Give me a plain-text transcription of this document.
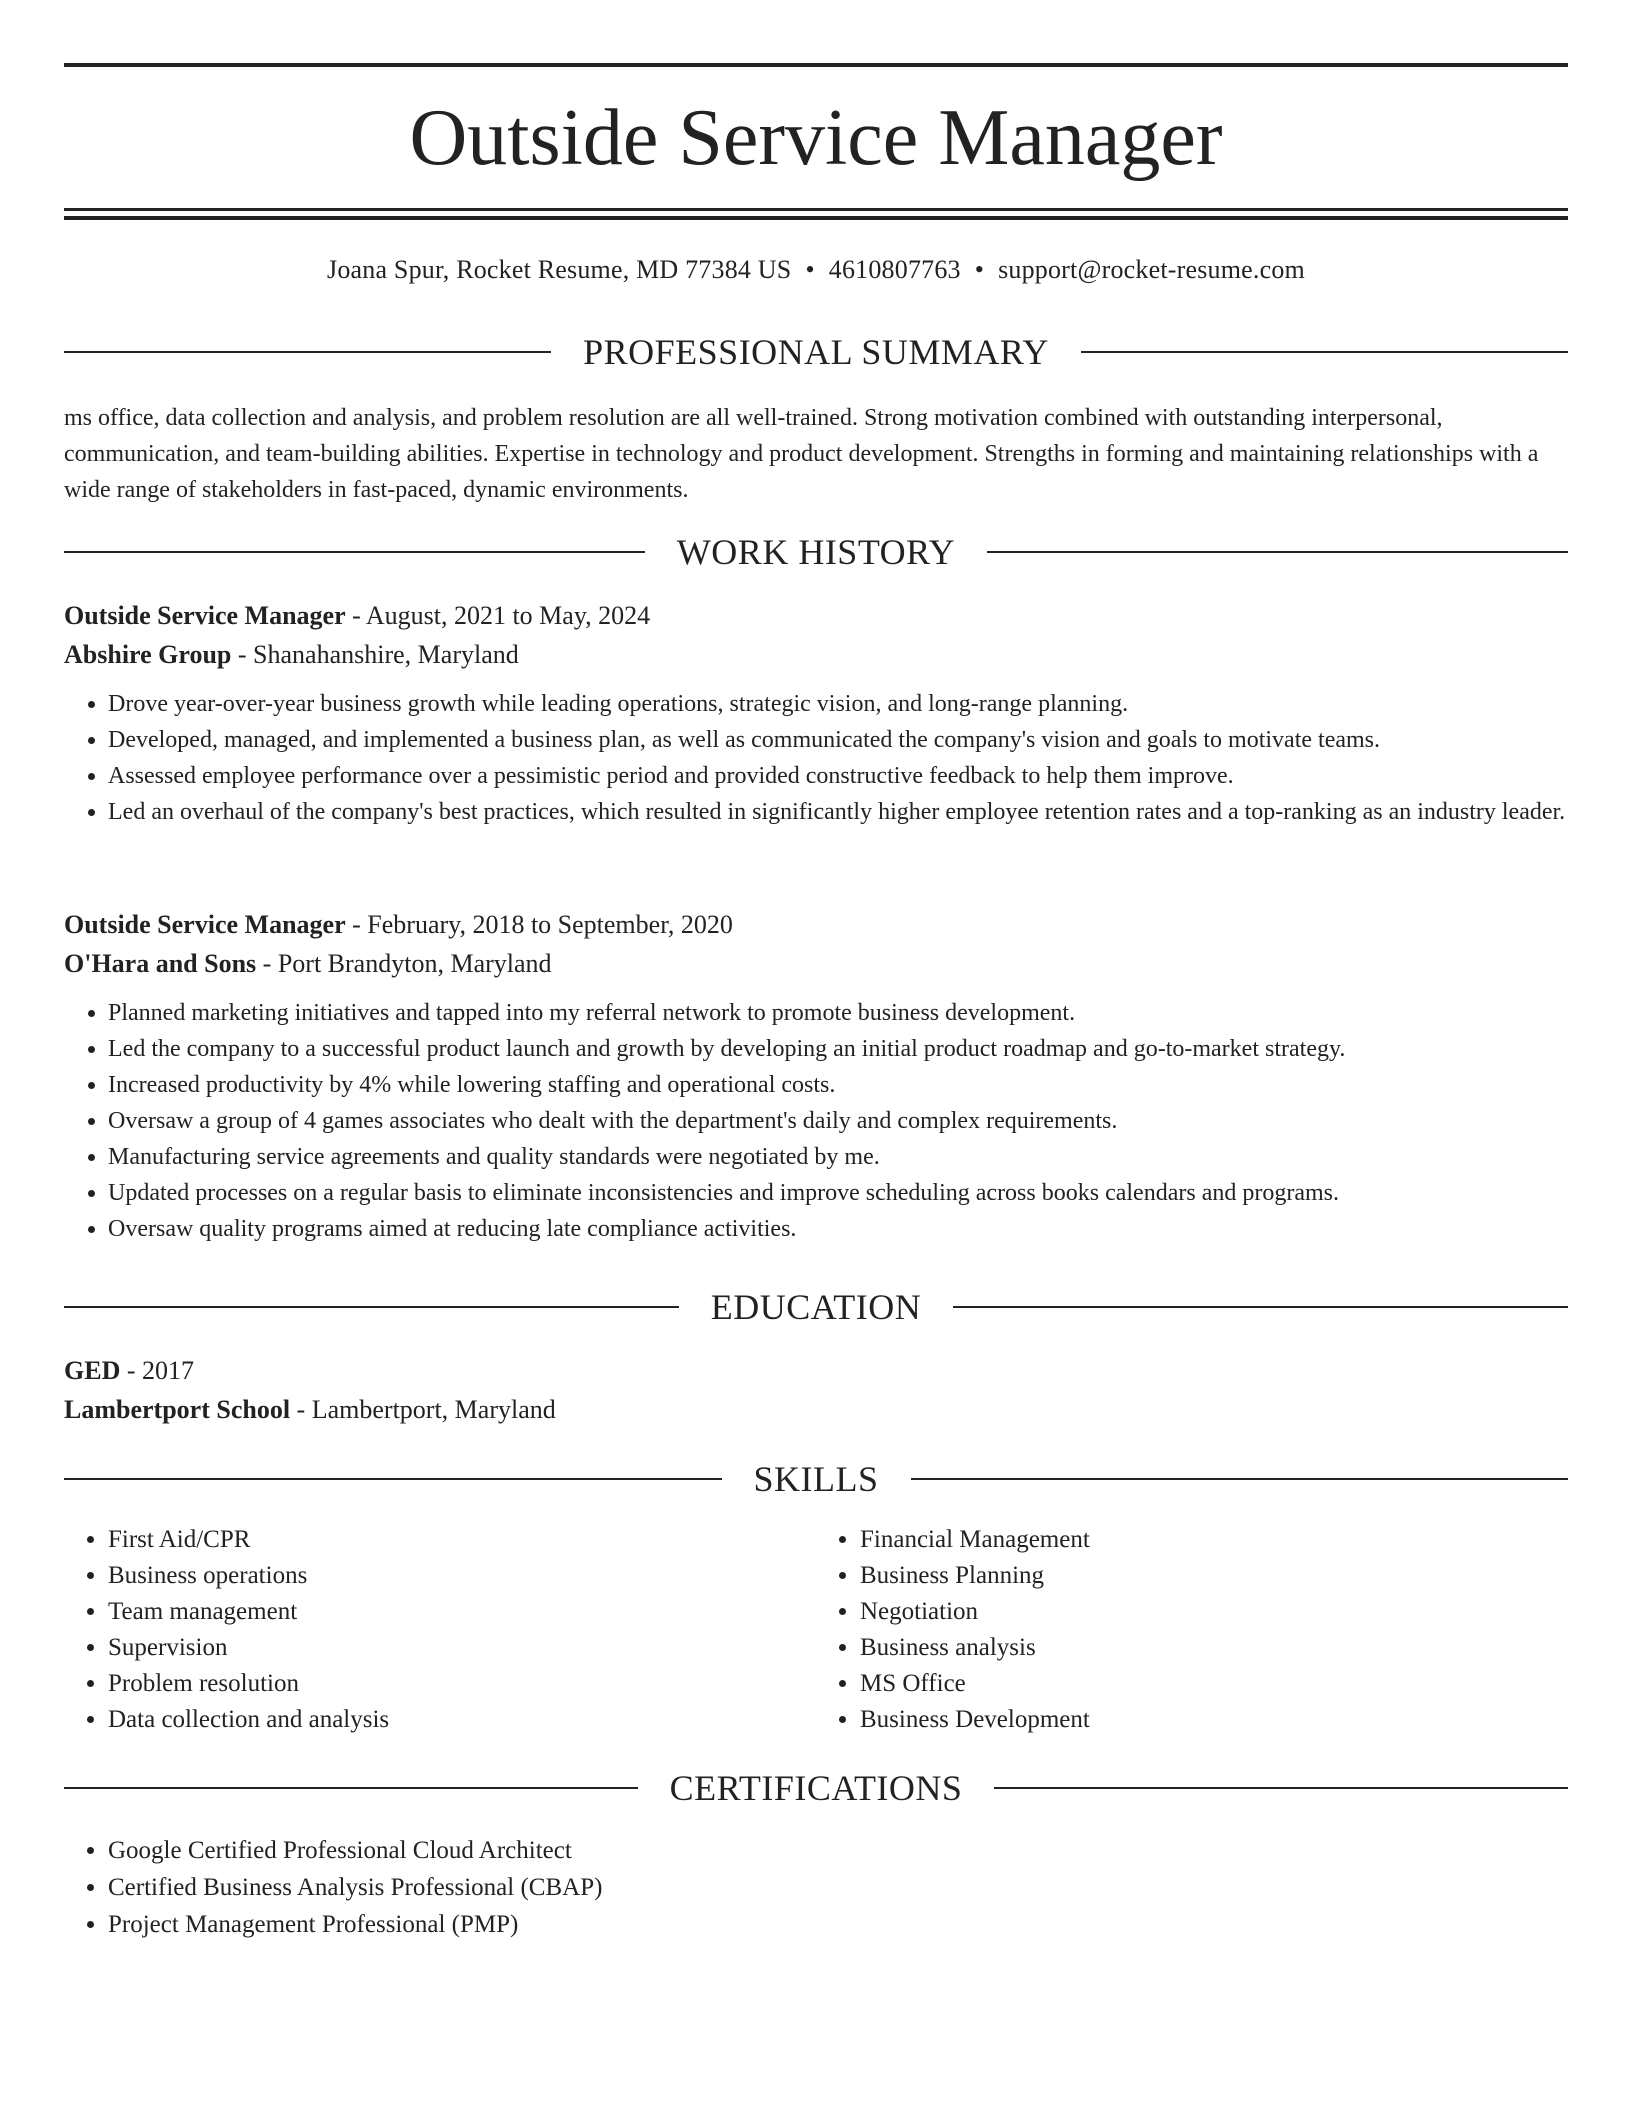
Outside Service Manager
Joana Spur, Rocket Resume, MD 77384 US • 4610807763 • support@rocket-resume.com
PROFESSIONAL SUMMARY

ms office, data collection and analysis, and problem resolution are all well-trained. Strong motivation combined with outstanding interpersonal, communication, and team-building abilities. Expertise in technology and product development. Strengths in forming and maintaining relationships with a wide range of stakeholders in fast-paced, dynamic environments.

WORK HISTORY
Outside Service Manager - August, 2021 to May, 2024
Abshire Group - Shanahanshire, Maryland
• Drove year-over-year business growth while leading operations, strategic vision, and long-range planning.
• Developed, managed, and implemented a business plan, as well as communicated the company's vision and goals to motivate teams.
• Assessed employee performance over a pessimistic period and provided constructive feedback to help them improve.
• Led an overhaul of the company's best practices, which resulted in significantly higher employee retention rates and a top-ranking as an industry leader.
Outside Service Manager - February, 2018 to September, 2020
O'Hara and Sons - Port Brandyton, Maryland
• Planned marketing initiatives and tapped into my referral network to promote business development.
• Led the company to a successful product launch and growth by developing an initial product roadmap and go-to-market strategy.
• Increased productivity by 4% while lowering staffing and operational costs.
• Oversaw a group of 4 games associates who dealt with the department's daily and complex requirements.
• Manufacturing service agreements and quality standards were negotiated by me.
• Updated processes on a regular basis to eliminate inconsistencies and improve scheduling across books calendars and programs.
• Oversaw quality programs aimed at reducing late compliance activities.
EDUCATION
GED - 2017
Lambertport School - Lambertport, Maryland
SKILLS
• First Aid/CPR
• Business operations
• Team management
• Supervision
• Problem resolution
• Data collection and analysis
• Financial Management
• Business Planning
• Negotiation
• Business analysis
• MS Office
• Business Development
CERTIFICATIONS
• Google Certified Professional Cloud Architect
• Certified Business Analysis Professional (CBAP)
• Project Management Professional (PMP)
